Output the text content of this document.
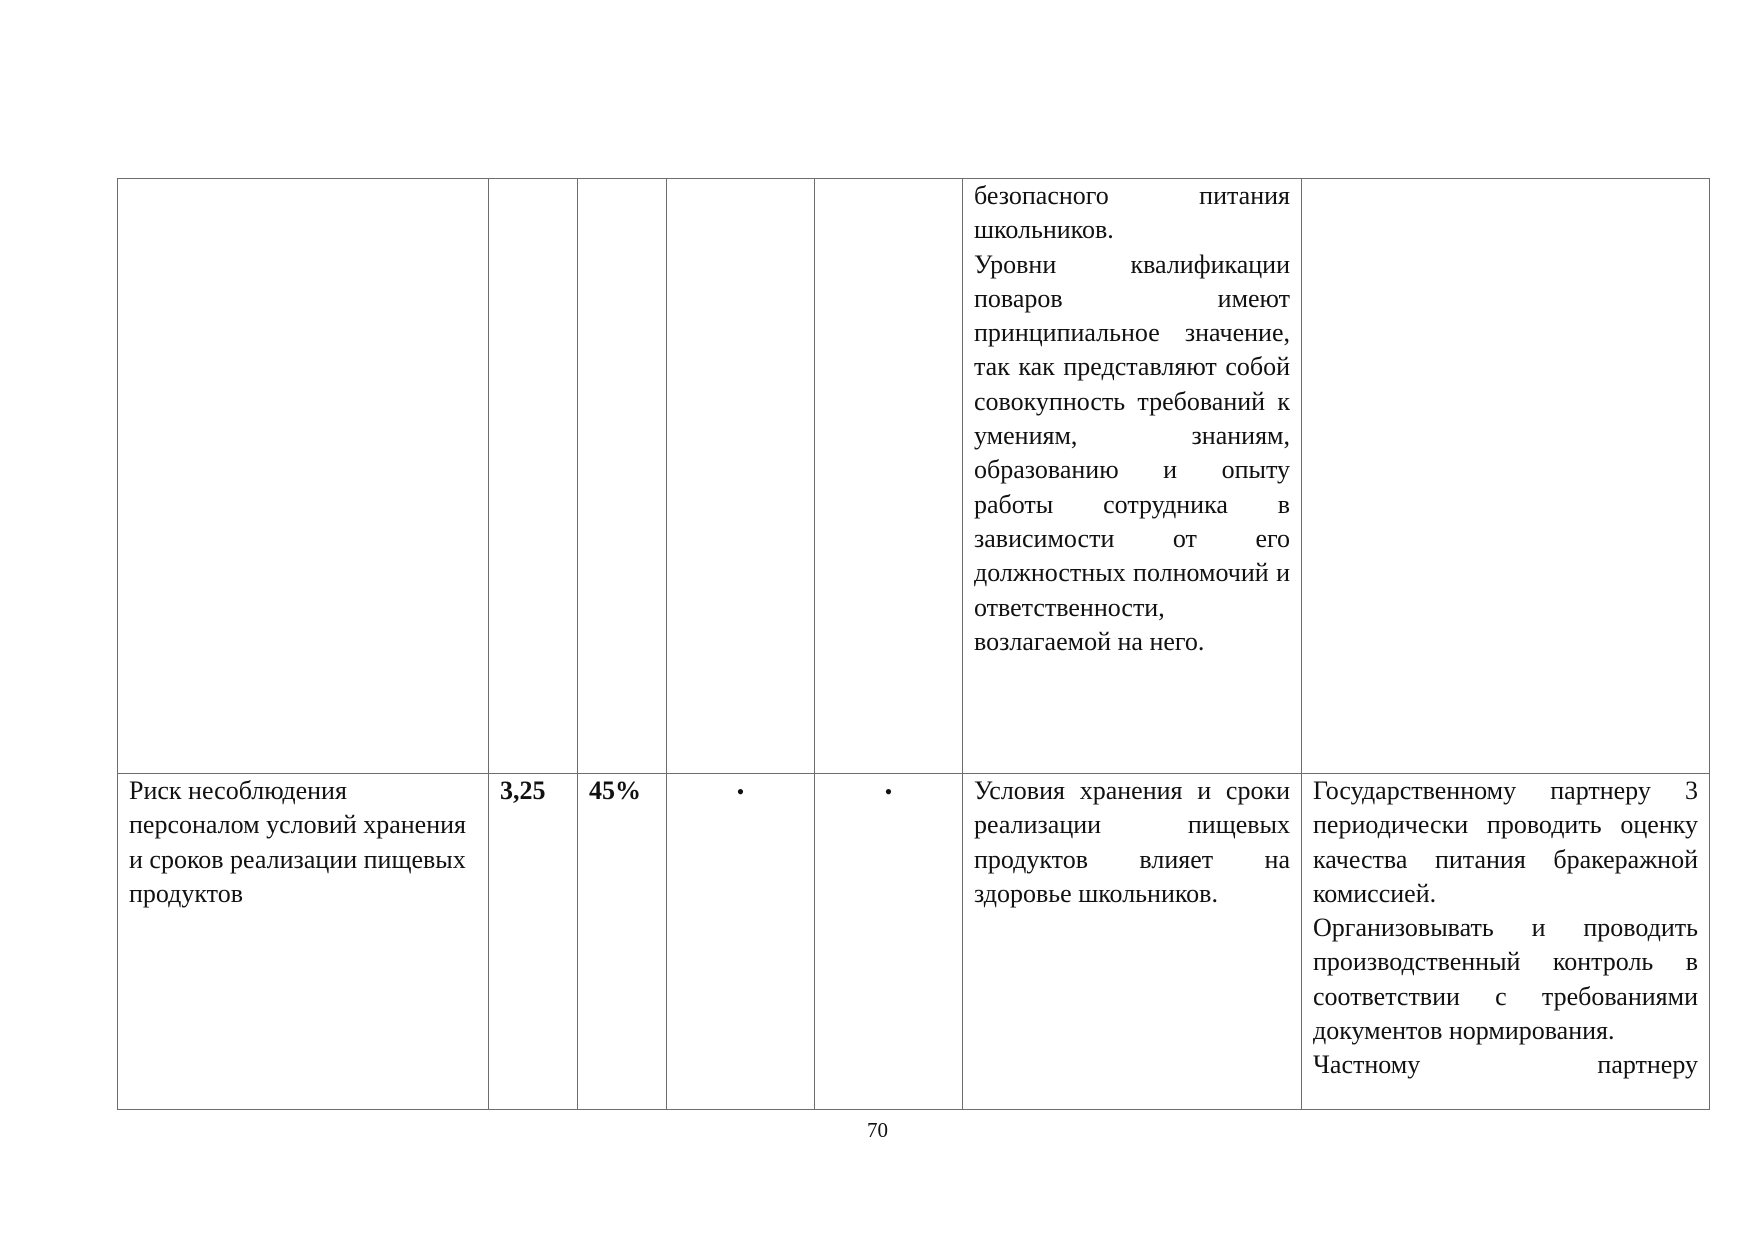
					безопасного питания школьников.
Уровни квалификации поваров имеют принципиальное значение, так как представляют собой совокупность требований к умениям, знаниям, образованию и опыту работы сотрудника в зависимости от его должностных полномочий и ответственности, возлагаемой на него.	

Риск несоблюдения персоналом условий хранения и сроков реализации пищевых продуктов	3,25	45%	•	•	Условия хранения и сроки реализации пищевых продуктов влияет на здоровье школьников.	Государственному партнеру 3 периодически проводить оценку качества питания бракеражной комиссией.
Организовывать и проводить производственный контроль в соответствии с требованиями документов нормирования.
Частному партнеру
70
